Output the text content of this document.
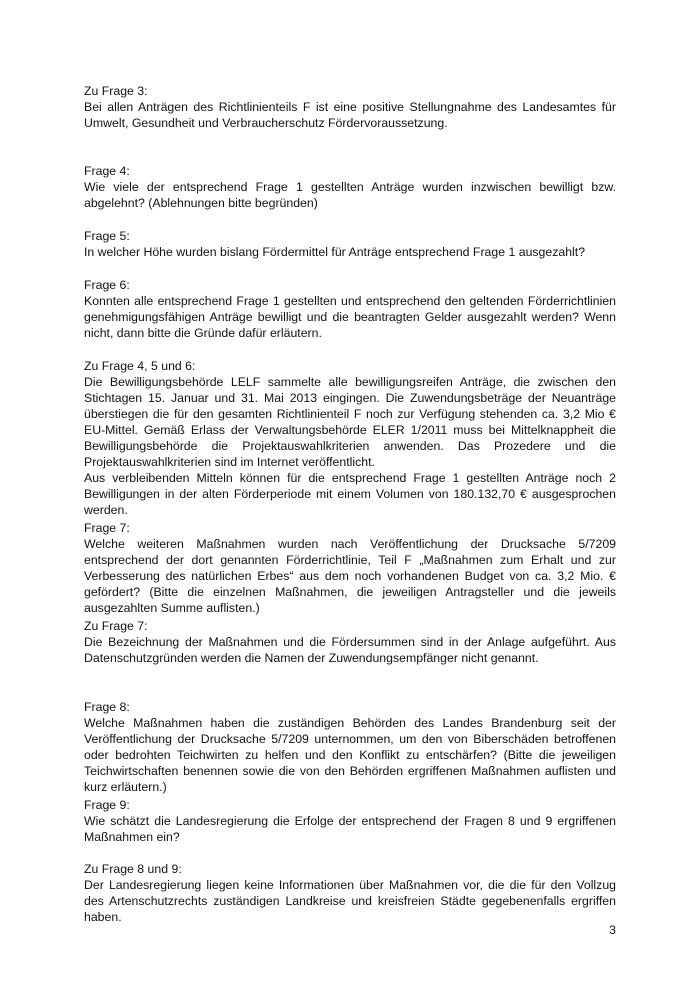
Zu Frage 3:

Bei allen Anträgen des Richtlinienteils F ist eine positive Stellungnahme des Landesamtes für Umwelt, Gesundheit und Verbraucherschutz Fördervoraussetzung.

Frage 4:

Wie viele der entsprechend Frage 1 gestellten Anträge wurden inzwischen bewilligt bzw. abgelehnt? (Ablehnungen bitte begründen)

Frage 5:

In welcher Höhe wurden bislang Fördermittel für Anträge entsprechend Frage 1 ausgezahlt?

Frage 6:

Konnten alle entsprechend Frage 1 gestellten und entsprechend den geltenden Förderrichtlinien genehmigungsfähigen Anträge bewilligt und die beantragten Gelder ausgezahlt werden? Wenn nicht, dann bitte die Gründe dafür erläutern.

Zu Frage 4, 5 und 6:

Die Bewilligungsbehörde LELF sammelte alle bewilligungsreifen Anträge, die zwischen den Stichtagen 15. Januar und 31. Mai 2013 eingingen. Die Zuwendungsbeträge der Neuanträge überstiegen die für den gesamten Richtlinienteil F noch zur Verfügung stehenden ca. 3,2 Mio € EU-Mittel. Gemäß Erlass der Verwaltungsbehörde ELER 1/2011 muss bei Mittelknappheit die Bewilligungsbehörde die Projektauswahlkriterien anwenden. Das Prozedere und die Projektauswahlkriterien sind im Internet veröffentlicht.

Aus verbleibenden Mitteln können für die entsprechend Frage 1 gestellten Anträge noch 2 Bewilligungen in der alten Förderperiode mit einem Volumen von 180.132,70 € ausgesprochen werden.

Frage 7:

Welche weiteren Maßnahmen wurden nach Veröffentlichung der Drucksache 5/7209 entsprechend der dort genannten Förderrichtlinie, Teil F „Maßnahmen zum Erhalt und zur Verbesserung des natürlichen Erbes“ aus dem noch vorhandenen Budget von ca. 3,2 Mio. € gefördert? (Bitte die einzelnen Maßnahmen, die jeweiligen Antragsteller und die jeweils ausgezahlten Summe auflisten.)

Zu Frage 7:

Die Bezeichnung der Maßnahmen und die Fördersummen sind in der Anlage aufgeführt. Aus Datenschutzgründen werden die Namen der Zuwendungsempfänger nicht genannt.

Frage 8:

Welche Maßnahmen haben die zuständigen Behörden des Landes Brandenburg seit der Veröffentlichung der Drucksache 5/7209 unternommen, um den von Biberschäden betroffenen oder bedrohten Teichwirten zu helfen und den Konflikt zu entschärfen? (Bitte die jeweiligen Teichwirtschaften benennen sowie die von den Behörden ergriffenen Maßnahmen auflisten und kurz erläutern.)

Frage 9:

Wie schätzt die Landesregierung die Erfolge der entsprechend der Fragen 8 und 9 ergriffenen Maßnahmen ein?

Zu Frage 8 und 9:

Der Landesregierung liegen keine Informationen über Maßnahmen vor, die die für den Vollzug des Artenschutzrechts zuständigen Landkreise und kreisfreien Städte gegebenenfalls ergriffen haben.

3
